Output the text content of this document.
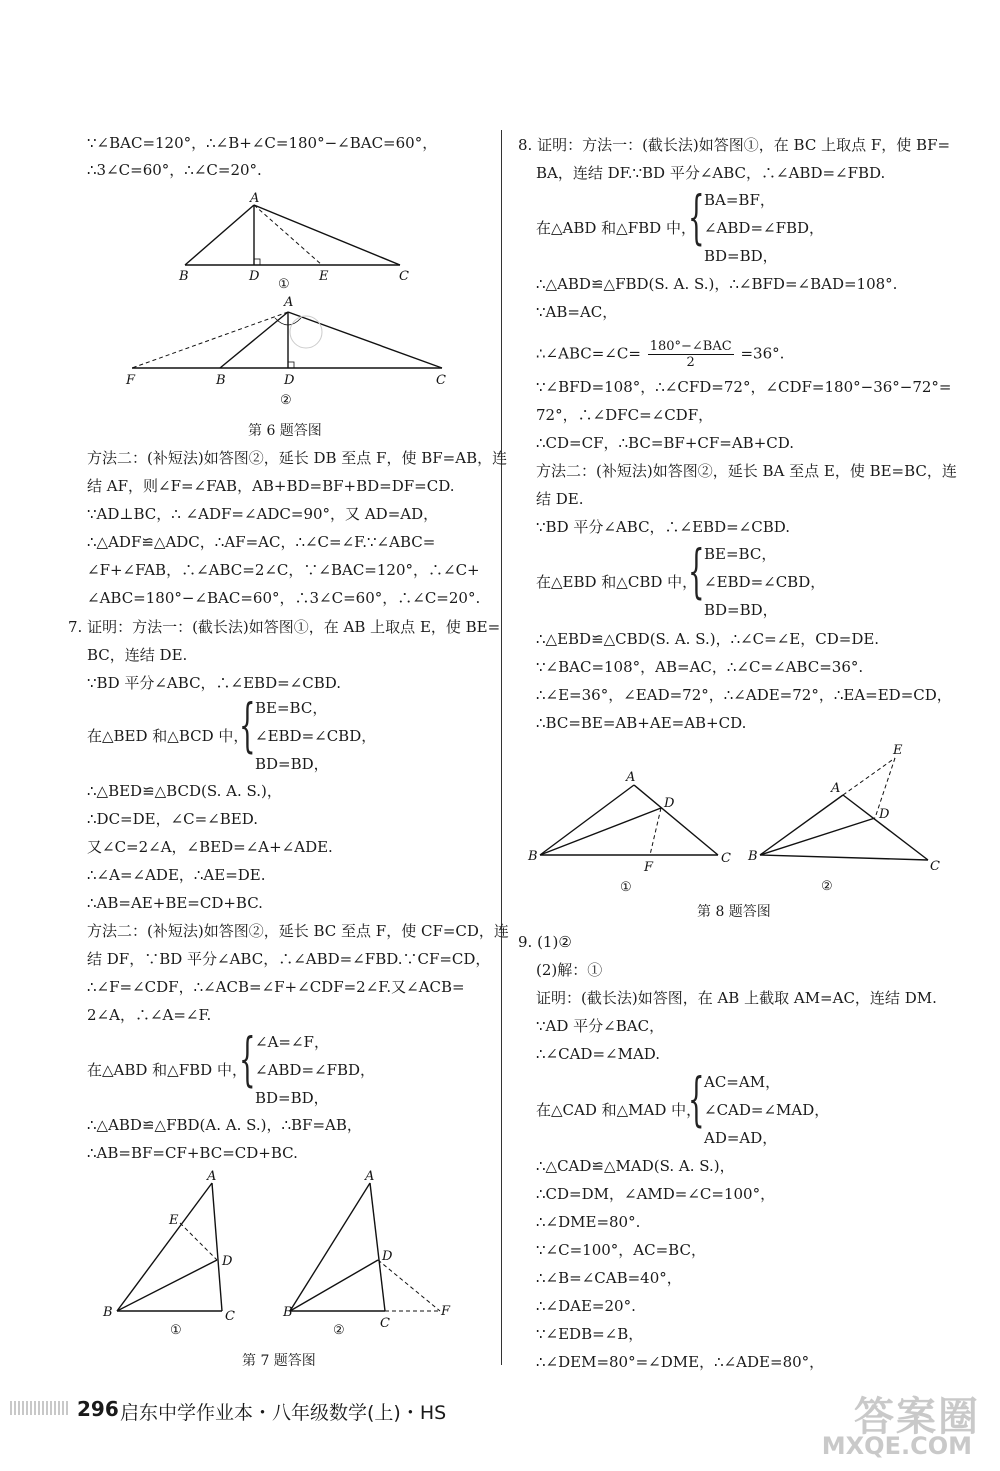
∵∠BAC=120°，∴∠B+∠C=180°−∠BAC=60°，
∴3∠C=60°，∴∠C=20°.
A
B	D	E	C
①
A
F	B	D	C
②
第 6 题答图
方法二：(补短法)如答图②，延长 DB 至点 F，使 BF=AB，连
结 AF，则∠F=∠FAB，AB+BD=BF+BD=DF=CD.
∵AD⊥BC，∴ ∠ADF=∠ADC=90°，又 AD=AD，
∴△ADF≌△ADC，∴AF=AC，∴∠C=∠F.∵∠ABC=
∠F+∠FAB，∴∠ABC=2∠C，∵∠BAC=120°，∴∠C+
∠ABC=180°−∠BAC=60°，∴3∠C=60°，∴∠C=20°.
7. 证明：方法一：(截长法)如答图①，在 AB 上取点 E，使 BE=
BC，连结 DE.
∵BD 平分∠ABC，∴∠EBD=∠CBD.
在△BED 和△BCD 中，
{ BE=BC，
∠EBD=∠CBD，
BD=BD，
∴△BED≌△BCD(S. A. S.)，
∴DC=DE，∠C=∠BED.
又∠C=2∠A，∠BED=∠A+∠ADE.
∴∠A=∠ADE，∴AE=DE.
∴AB=AE+BE=CD+BC.
方法二：(补短法)如答图②，延长 BC 至点 F，使 CF=CD，连
结 DF，∵BD 平分∠ABC，∴∠ABD=∠FBD.∵CF=CD，
∴∠F=∠CDF，∴∠ACB=∠F+∠CDF=2∠F.又∠ACB=
2∠A，∴∠A=∠F.
在△ABD 和△FBD 中，
{ ∠A=∠F，
∠ABD=∠FBD，
BD=BD，
∴△ABD≌△FBD(A. A. S.)，∴BF=AB，
∴AB=BF=CF+BC=CD+BC.
A
E
D
B	C
①
A
D
B
C
F
②
第 7 题答图
8. 证明：方法一：(截长法)如答图①，在 BC 上取点 F，使 BF=
BA，连结 DF.∵BD 平分∠ABC，∴∠ABD=∠FBD.
在△ABD 和△FBD 中，
{ BA=BF，
∠ABD=∠FBD，
BD=BD，
∴△ABD≌△FBD(S. A. S.)，∴∠BFD=∠BAD=108°.
∵AB=AC，
∴∠ABC=∠C= 180°−∠BAC
2	=36°.
∵∠BFD=108°，∴∠CFD=72°，∠CDF=180°−36°−72°=
72°，∴∠DFC=∠CDF，
∴CD=CF，∴BC=BF+CF=AB+CD.
方法二：(补短法)如答图②，延长 BA 至点 E，使 BE=BC，连
结 DE.
∵BD 平分∠ABC，∴∠EBD=∠CBD.
在△EBD 和△CBD 中，
{ BE=BC，
∠EBD=∠CBD，
BD=BD，
∴△EBD≌△CBD(S. A. S.)，∴∠C=∠E，CD=DE.
∵∠BAC=108°，AB=AC，∴∠C=∠ABC=36°.
∴∠E=36°，∠EAD=72°，∴∠ADE=72°，∴EA=ED=CD，
∴BC=BE=AB+AE=AB+CD.
A
D
B
F
C
①
E
A
D
B
C
②
第 8 题答图
9. (1)②
(2)解：①
证明：(截长法)如答图，在 AB 上截取 AM=AC，连结 DM.
∵AD 平分∠BAC，
∴∠CAD=∠MAD.
在△CAD 和△MAD 中，
{ AC=AM，
∠CAD=∠MAD，
AD=AD，
∴△CAD≌△MAD(S. A. S.)，
∴CD=DM，∠AMD=∠C=100°，
∴∠DME=80°.
∵∠C=100°，AC=BC，
∴∠B=∠CAB=40°，
∴∠DAE=20°.
∵∠EDB=∠B，
∴∠DEM=80°=∠DME，∴∠ADE=80°，
296 启东中学作业本・八年级数学(上)・HS	答案圈
MXQE.COM
